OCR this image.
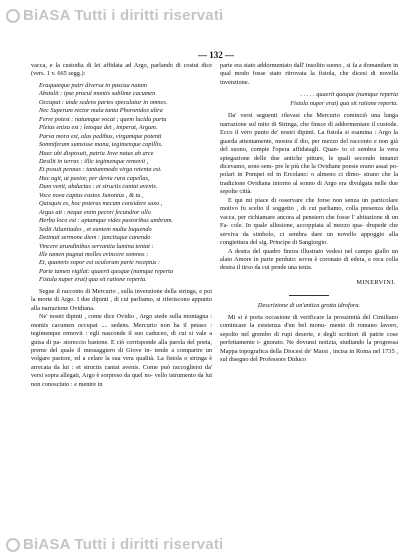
BiASA Tutti i diritti riservati
— 132 —

vacca, e la custodia di lei affidata ad Argo, parlando di costui dice (vers. 1 v. 665 segg.):

Eraquaeque patri diversa in pascua natam
Abstulit : ipse procul montis sublime cacumen
Occupat : unde sedens partes speculatur in omnes.
Nec Superum rector mala tanta Phoronidos ultra
Ferre potest : natumque vocat ; quem lucida partu
Pleias enixa est ; letoque det , imperat, Argum.
Parva mora est, alas pedibus, virgamque potenti
Somniferam sumsisse manu, tegimenque capillis.
Haec ubi disposuit, patria Jove natus ab arce
Desilit in terras : illic tegimenque removit ,
Et posuit pennas : tantummodo virga retenta est.
Hac agit, ut pastor, per devia rura capellas,
Dum venit, abductas : et structis cantat avenis.
Voce nova captus custos Junonius , & tu ,
Quisquis es, hoc poteras mecum considere saxo ,
Argus ait : neque enim pecori fecundior ullo
Herba loco est : aptamque vides pastoribus umbram.
Sedit Atlantiades , et euntem multa loquendo
Detinuit sermone diem : junctisque canendo
Vincere arundinibus servantia lumina tentat :
Ille tamen pugnat molles evincere somnos :
Et, quamvis sopor est oculorum parte receptus :
Parte tamen vigilat: quaerit quoque (namque reperta
Fistula nuper erat) qua sit ratione reperta.

Segue il racconto di Mercurio , sulla invenzione della siringa, e poi la morte di Argo. I due dipinti , di cui parliamo, si riferiscono appunto alla narrazione Ovidiana.

Ne' nostri dipinti , come dice Ovidio , Argo siede sulla montagna : montis cacumen occupat .... sedens. Mercurio non ha il petaso : tegimenque removit : egli nasconde il suo caduceo, di cui si vale a guisa di pa- storeccio bastone. E ciò corrisponde alla parola del poeta, preme del quale il messaggiero di Giove in- tende a comparire un volgare pastore, ed a celare la sua vera qualità. La fistola o siringa è arrecata da lui : et structis cantat avenis. Come può raccogliersi da' versi sopra allegati, Argo è sorpreso da quel no- vello istrumento da lui non conosciuto : e mentre in

parte era stato addormentato dall' insolito suono , si fa a domandare in qual modo fosse stato ritrovata la fistola, che dicesi di novella invenzione.

. . . . . quaerit quoque (namque reperta
Fistula nuper erat) qua sit ratione reperta.

Da' versi seguenti rilevasi che Mercurio cominciò una lunga narrazione sul mito di Siringa, che finsce di addormentare il custode. Ecco il vero punto de' nostri dipinti. La fistola si esamina : Argo la guarda attentamente, mostra il dio, per mezzo del racconto e non già del suono, compie l'opera affidatagli. Quan- to ci sembra la vera spiegazione delle due antiche pitture, le quali secondo innanzi dicevamo, sono sem- pre le più che la Ovidiane poesie erano assai po- polari in Pompei ed in Ercolano: o almeno ci dimo- strano che la tradizione Ovidiana intorno al sonno di Argo era divulgata nelle due sepolte città.

E qui mi piace di osservare che forse non senza un particolare motivo fu scelto il soggetto , di cui parliamo, colla presenza della vacca, per richiamare ancora al pensiero che fosse l' abitazione di un Fa- cole. In quale allusione, accoppiata al mezzo qua- drupede che serviva da simbolo, ci sembra dare un novello appoggio alla congiettura del sig. Principe di Sangiorgio.

A destra del quadro finora illustrato vedesi nel campo giallo un alato Amore in parte perduto: sovra è coronato di edera, e reca colla destra il tirso da cui pende una tenia.

MINERVINI.
Descrizione di un'antica grotta idrofora.

Mi si è porta occasione di verificare la prossimità del Cimiliano comincare la esistenza d'un bel monu- mento di romano lavoro, sepolto nel grembo di rupi deserte, e degli scrittori di patrie cose perfettamente i- gnorato. Ne dovunsi notizia, studiando la progressa Mappa topografica della Diocesi de' Marsi , incisa in Roma nel 1735 , sul disegno del Professore Diduco

BiASA Tutti i diritti riservati
